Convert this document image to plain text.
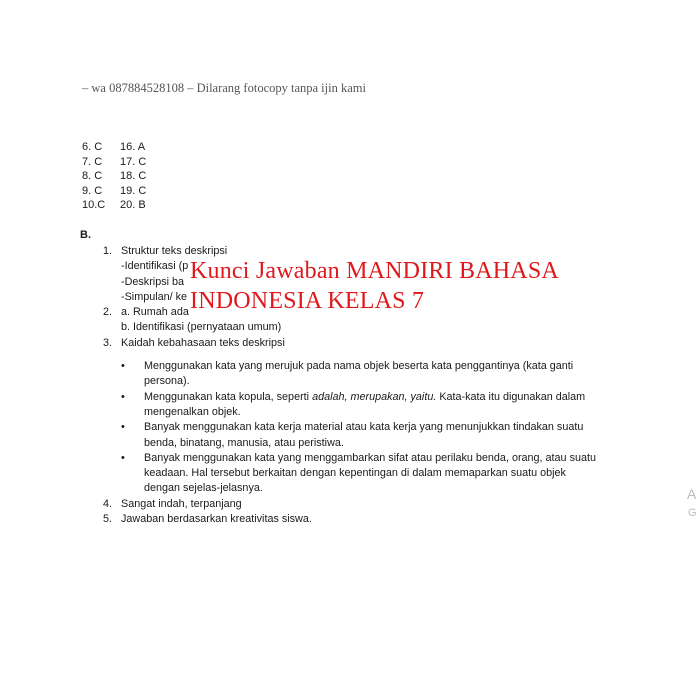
– wa 087884528108 – Dilarang fotocopy tanpa ijin kami
6. C	16. A
7. C	17. C
8. C	18. C
9. C	19. C
10.C	20. B
B.
1. Struktur teks deskripsi
-Identifikasi (p
-Deskripsi ba
-Simpulan/ ke
2. a. Rumah ada
b. Identifikasi (pernyataan umum)
3. Kaidah kebahasaan teks deskripsi
• Menggunakan kata yang merujuk pada nama objek beserta kata penggantinya (kata ganti
persona).
• Menggunakan kata kopula, seperti adalah, merupakan, yaitu. Kata-kata itu digunakan dalam
mengenalkan objek.
• Banyak menggunakan kata kerja material atau kata kerja yang menunjukkan tindakan suatu
benda, binatang, manusia, atau peristiwa.
• Banyak menggunakan kata yang menggambarkan sifat atau perilaku benda, orang, atau suatu
keadaan. Hal tersebut berkaitan dengan kepentingan di dalam memaparkan suatu objek
dengan sejelas-jelasnya.
4. Sangat indah, terpanjang
5. Jawaban berdasarkan kreativitas siswa.
Kunci Jawaban MANDIRI BAHASA
INDONESIA KELAS 7
A
G
